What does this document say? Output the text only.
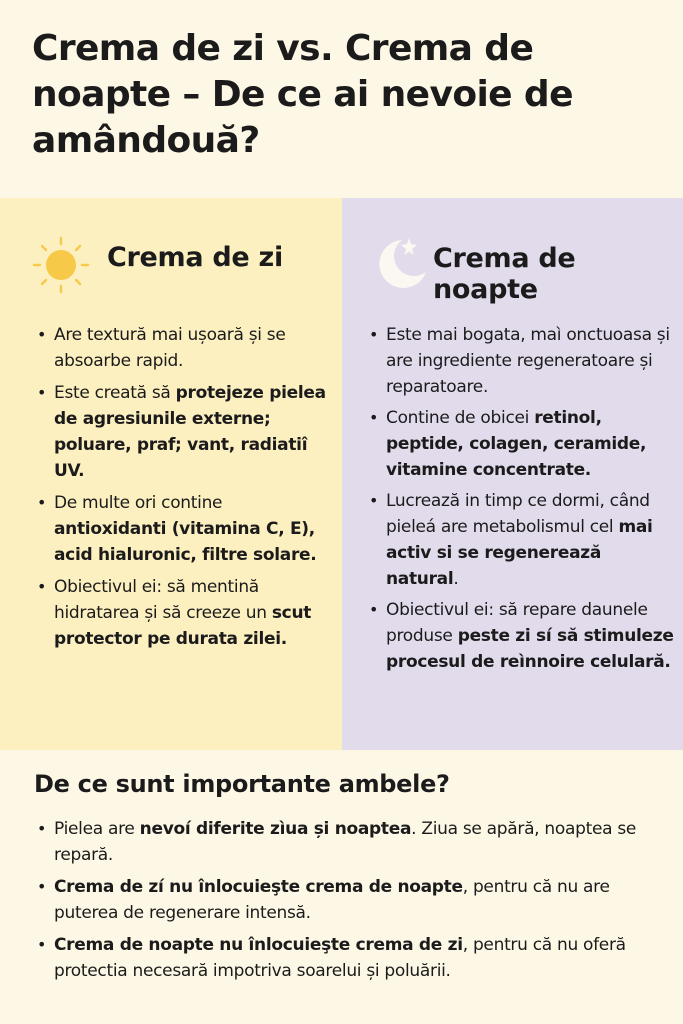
Crema de zi vs. Crema de noapte – De ce ai nevoie de amândouă?
Crema de zi
• Are textură mai ușoară și se absoarbe rapid.
• Este creată să protejeze pielea de agresiunile externe; poluare, praf; vant, radiatiî UV.
• De multe ori contine antioxidanti (vitamina C, E), acid hialuronic, filtre solare.
• Obiectivul ei: să mentină hidratarea și să creeze un scut protector pe durata zilei.
Crema de noapte
• Este mai bogata, maì onctuoasa și are ingrediente regeneratoare și reparatoare.
• Contine de obicei retinol, peptide, colagen, ceramide, vitamine concentrate.
• Lucrează in timp ce dormi, când pieleá are metabolismul cel mai activ si se regenerează natural.
• Obiectivul ei: să repare daunele produse peste zi sí să stimuleze procesul de reìnnoire celulară.
De ce sunt importante ambele?
• Pielea are nevoí diferite zìua și noaptea. Ziua se apără, noaptea se repară.
• Crema de zí nu înlocuieşte crema de noapte, pentru că nu are puterea de regenerare intensă.
• Crema de noapte nu înlocuieşte crema de zi, pentru că nu oferă protectia necesară impotriva soarelui și poluării.
